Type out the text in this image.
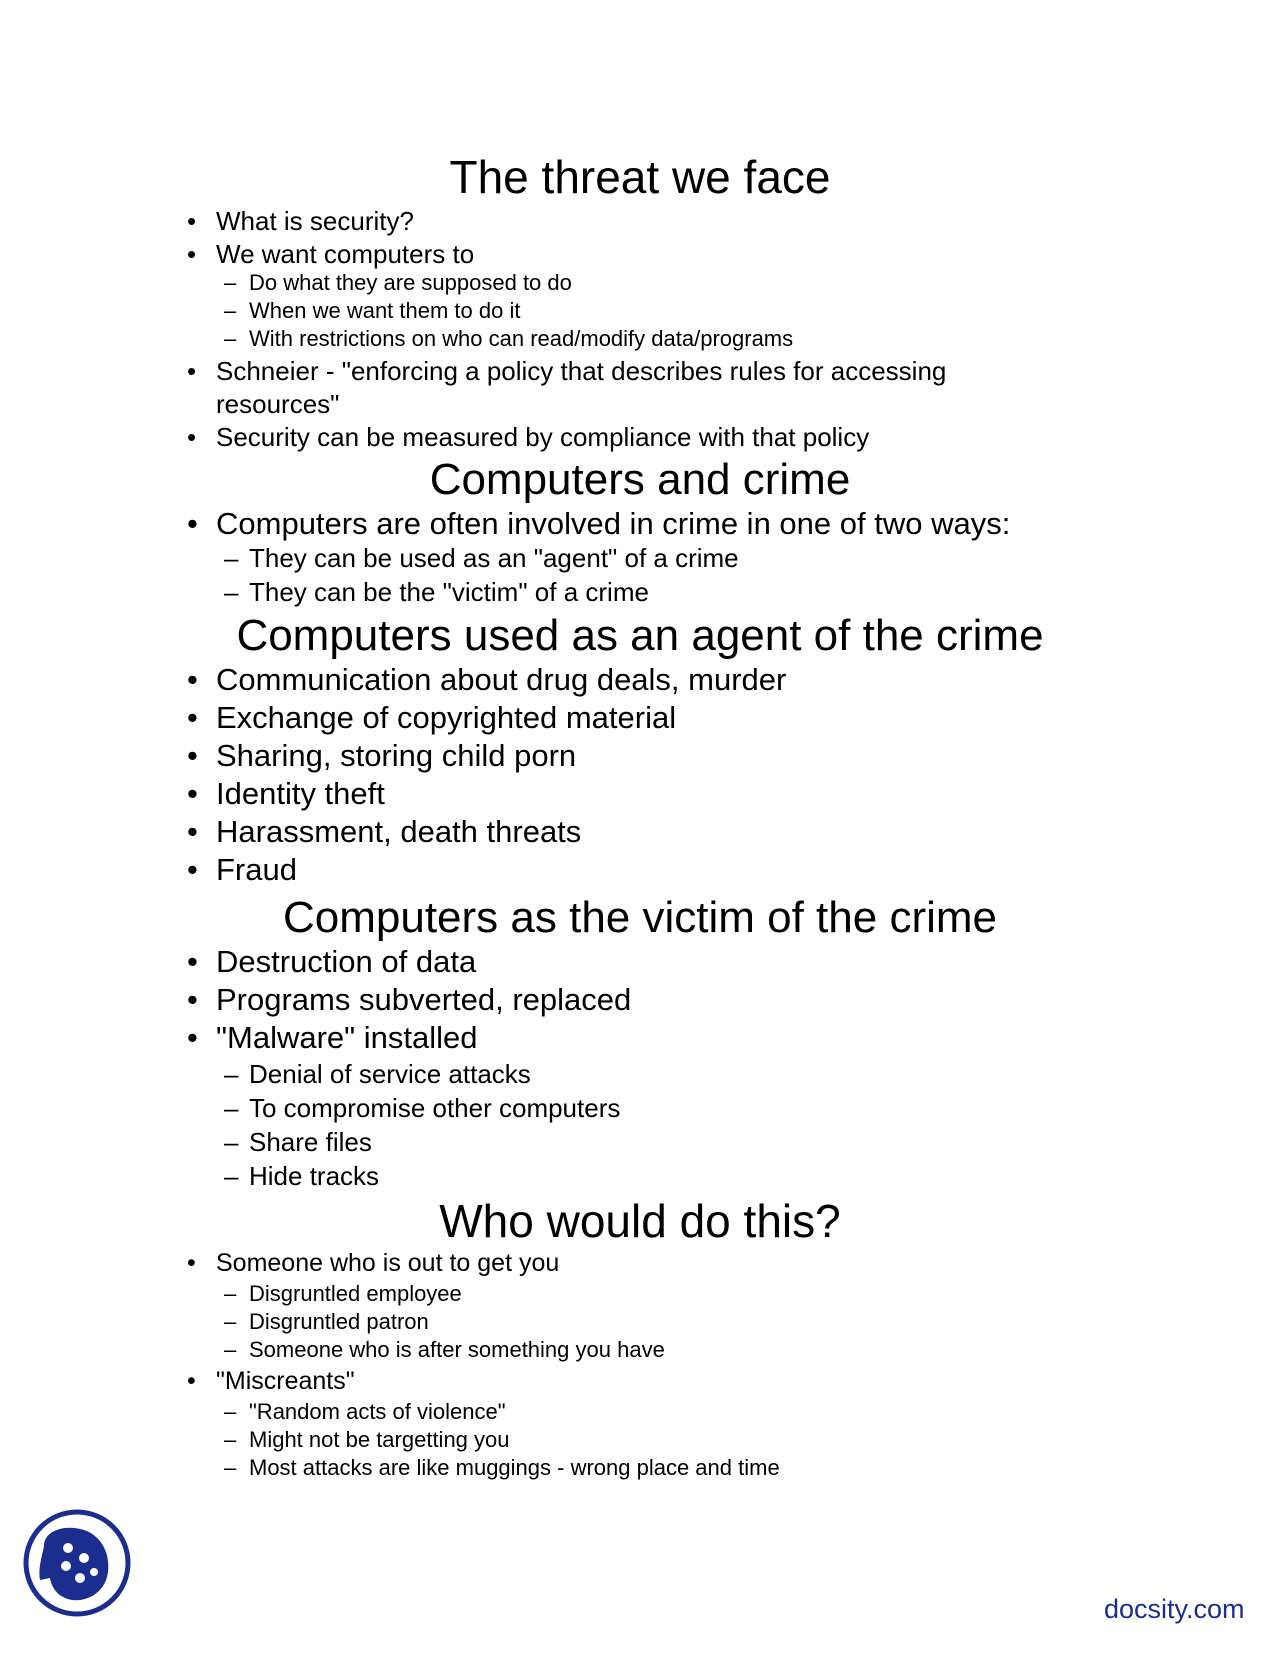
The threat we face
• What is security?
• We want computers to
– Do what they are supposed to do
– When we want them to do it
– With restrictions on who can read/modify data/programs
• Schneier - "enforcing a policy that describes rules for accessing
resources"
• Security can be measured by compliance with that policy
Computers and crime
• Computers are often involved in crime in one of two ways:
– They can be used as an "agent" of a crime
– They can be the "victim" of a crime
Computers used as an agent of the crime
• Communication about drug deals, murder
• Exchange of copyrighted material
• Sharing, storing child porn
• Identity theft
• Harassment, death threats
• Fraud
Computers as the victim of the crime
• Destruction of data
• Programs subverted, replaced
• "Malware" installed
– Denial of service attacks
– To compromise other computers
– Share files
– Hide tracks
Who would do this?
• Someone who is out to get you
– Disgruntled employee
– Disgruntled patron
– Someone who is after something you have
• "Miscreants"
– "Random acts of violence"
– Might not be targetting you
– Most attacks are like muggings - wrong place and time
docsity.com
